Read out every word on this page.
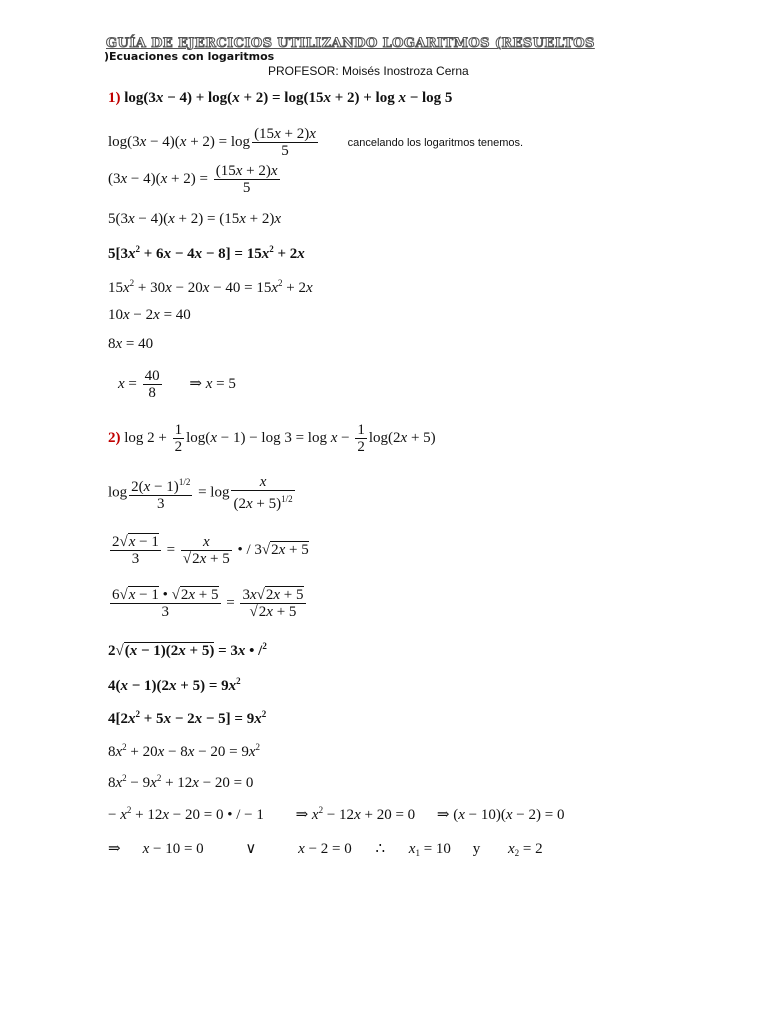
GUÍA DE EJERCICIOS UTILIZANDO LOGARITMOS (RESUELTOS
)Ecuaciones con logaritmos
PROFESOR: Moisés Inostroza Cerna
1) log(3x − 4) + log(x + 2) = log(15x + 2) + log x − log 5
$\log(3x - 4)(x + 2) = \log \frac{(15x + 2)x}{5}$	cancelando los logaritmos tenemos.
$(3x - 4)(x + 2) = \frac{(15x + 2)x}{5}$
5(3x − 4)(x + 2) = (15x + 2)x
$5[3x^2 + 6x - 4x - 8] = 15x^2 + 2x$
$15x^2 + 30x - 20x - 40 = 15x^2 + 2x$
10x − 2x = 40
8x = 40
$x = \frac{40}{8}$ ⇒ x = 5
2) $\log 2 + \frac{1}{2} \log(x - 1) - \log 3 = \log x - \frac{1}{2} \log(2x + 5)$
$\log \frac{2(x - 1)^{1/2}}{3} = \log \frac{x}{(2x + 5)^{1/2}}$
$\frac{2√x - 1}{3} = \frac{x}{√2x + 5}$ • / 3√2x + 5
$\frac{6√x - 1 • √2x + 5}{3} = \frac{3x√2x + 5}{√2x + 5}$
2√(x − 1)(2x + 5) = 3x • /$^2$
$4(x - 1)(2x + 5) = 9x^2$
$4[2x^2 + 5x - 2x - 5] = 9x^2$
$8x^2 + 20x - 8x - 20 = 9x^2$
$8x^2 - 9x^2 + 12x - 20 = 0$
− $x^2 + 12x - 20 = 0$ • / − 1 ⇒ $x^2 - 12x + 20 = 0$ ⇒ (x − 10)(x − 2) = 0
⇒ x − 10 = 0	∨	x − 2 = 0 ∴ $x_1 = 10$ y $x_2 = 2$
